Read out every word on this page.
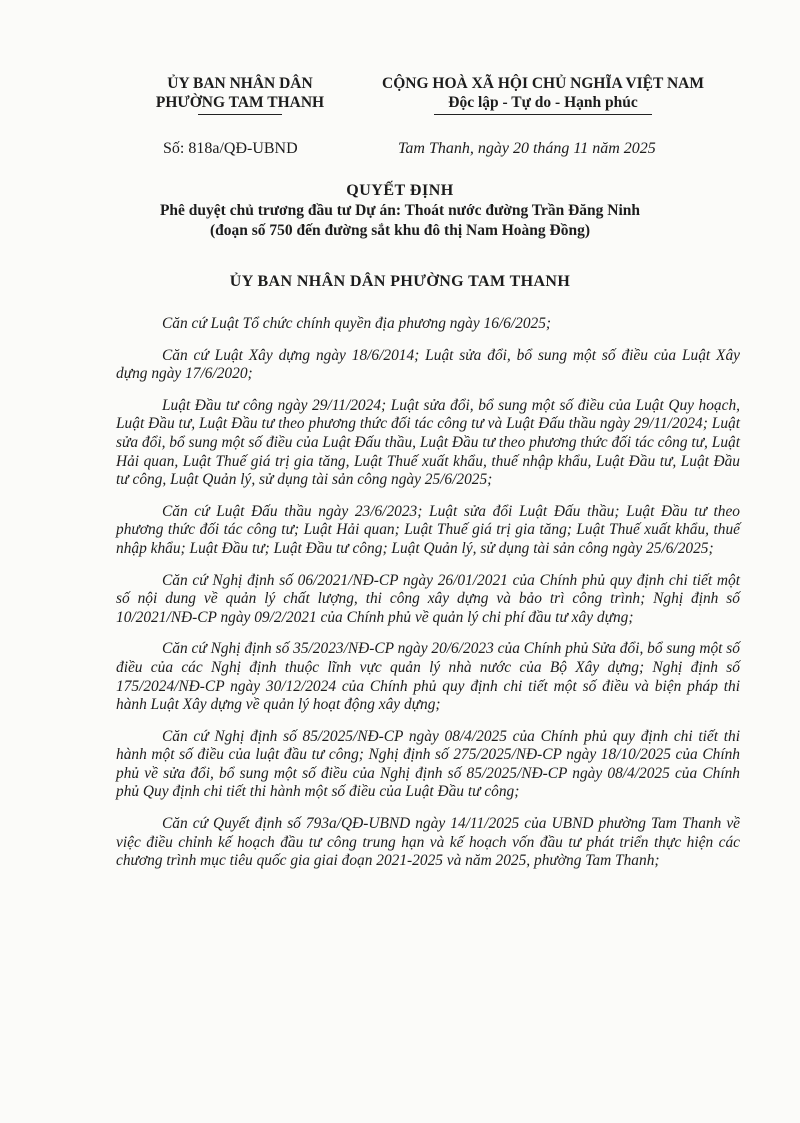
ỦY BAN NHÂN DÂN
PHƯỜNG TAM THANH
CỘNG HOÀ XÃ HỘI CHỦ NGHĨA VIỆT NAM
Độc lập - Tự do - Hạnh phúc
Số: 818a/QĐ-UBND	Tam Thanh, ngày 20 tháng 11 năm 2025
QUYẾT ĐỊNH
Phê duyệt chủ trương đầu tư Dự án: Thoát nước đường Trần Đăng Ninh
(đoạn số 750 đến đường sắt khu đô thị Nam Hoàng Đồng)
ỦY BAN NHÂN DÂN PHƯỜNG TAM THANH

Căn cứ Luật Tổ chức chính quyền địa phương ngày 16/6/2025;

Căn cứ Luật Xây dựng ngày 18/6/2014; Luật sửa đổi, bổ sung một số điều của Luật Xây dựng ngày 17/6/2020;

Luật Đầu tư công ngày 29/11/2024; Luật sửa đổi, bổ sung một số điều của Luật Quy hoạch, Luật Đầu tư, Luật Đầu tư theo phương thức đối tác công tư và Luật Đấu thầu ngày 29/11/2024; Luật sửa đổi, bổ sung một số điều của Luật Đấu thầu, Luật Đầu tư theo phương thức đối tác công tư, Luật Hải quan, Luật Thuế giá trị gia tăng, Luật Thuế xuất khẩu, thuế nhập khẩu, Luật Đầu tư, Luật Đầu tư công, Luật Quản lý, sử dụng tài sản công ngày 25/6/2025;

Căn cứ Luật Đấu thầu ngày 23/6/2023; Luật sửa đổi Luật Đấu thầu; Luật Đầu tư theo phương thức đối tác công tư; Luật Hải quan; Luật Thuế giá trị gia tăng; Luật Thuế xuất khẩu, thuế nhập khẩu; Luật Đầu tư; Luật Đầu tư công; Luật Quản lý, sử dụng tài sản công ngày 25/6/2025;

Căn cứ Nghị định số 06/2021/NĐ-CP ngày 26/01/2021 của Chính phủ quy định chi tiết một số nội dung về quản lý chất lượng, thi công xây dựng và bảo trì công trình; Nghị định số 10/2021/NĐ-CP ngày 09/2/2021 của Chính phủ về quản lý chi phí đầu tư xây dựng;

Căn cứ Nghị định số 35/2023/NĐ-CP ngày 20/6/2023 của Chính phủ Sửa đổi, bổ sung một số điều của các Nghị định thuộc lĩnh vực quản lý nhà nước của Bộ Xây dựng; Nghị định số 175/2024/NĐ-CP ngày 30/12/2024 của Chính phủ quy định chi tiết một số điều và biện pháp thi hành Luật Xây dựng về quản lý hoạt động xây dựng;

Căn cứ Nghị định số 85/2025/NĐ-CP ngày 08/4/2025 của Chính phủ quy định chi tiết thi hành một số điều của luật đầu tư công; Nghị định số 275/2025/NĐ-CP ngày 18/10/2025 của Chính phủ về sửa đổi, bổ sung một số điều của Nghị định số 85/2025/NĐ-CP ngày 08/4/2025 của Chính phủ Quy định chi tiết thi hành một số điều của Luật Đầu tư công;

Căn cứ Quyết định số 793a/QĐ-UBND ngày 14/11/2025 của UBND phường Tam Thanh về việc điều chỉnh kế hoạch đầu tư công trung hạn và kế hoạch vốn đầu tư phát triển thực hiện các chương trình mục tiêu quốc gia giai đoạn 2021-2025 và năm 2025, phường Tam Thanh;
